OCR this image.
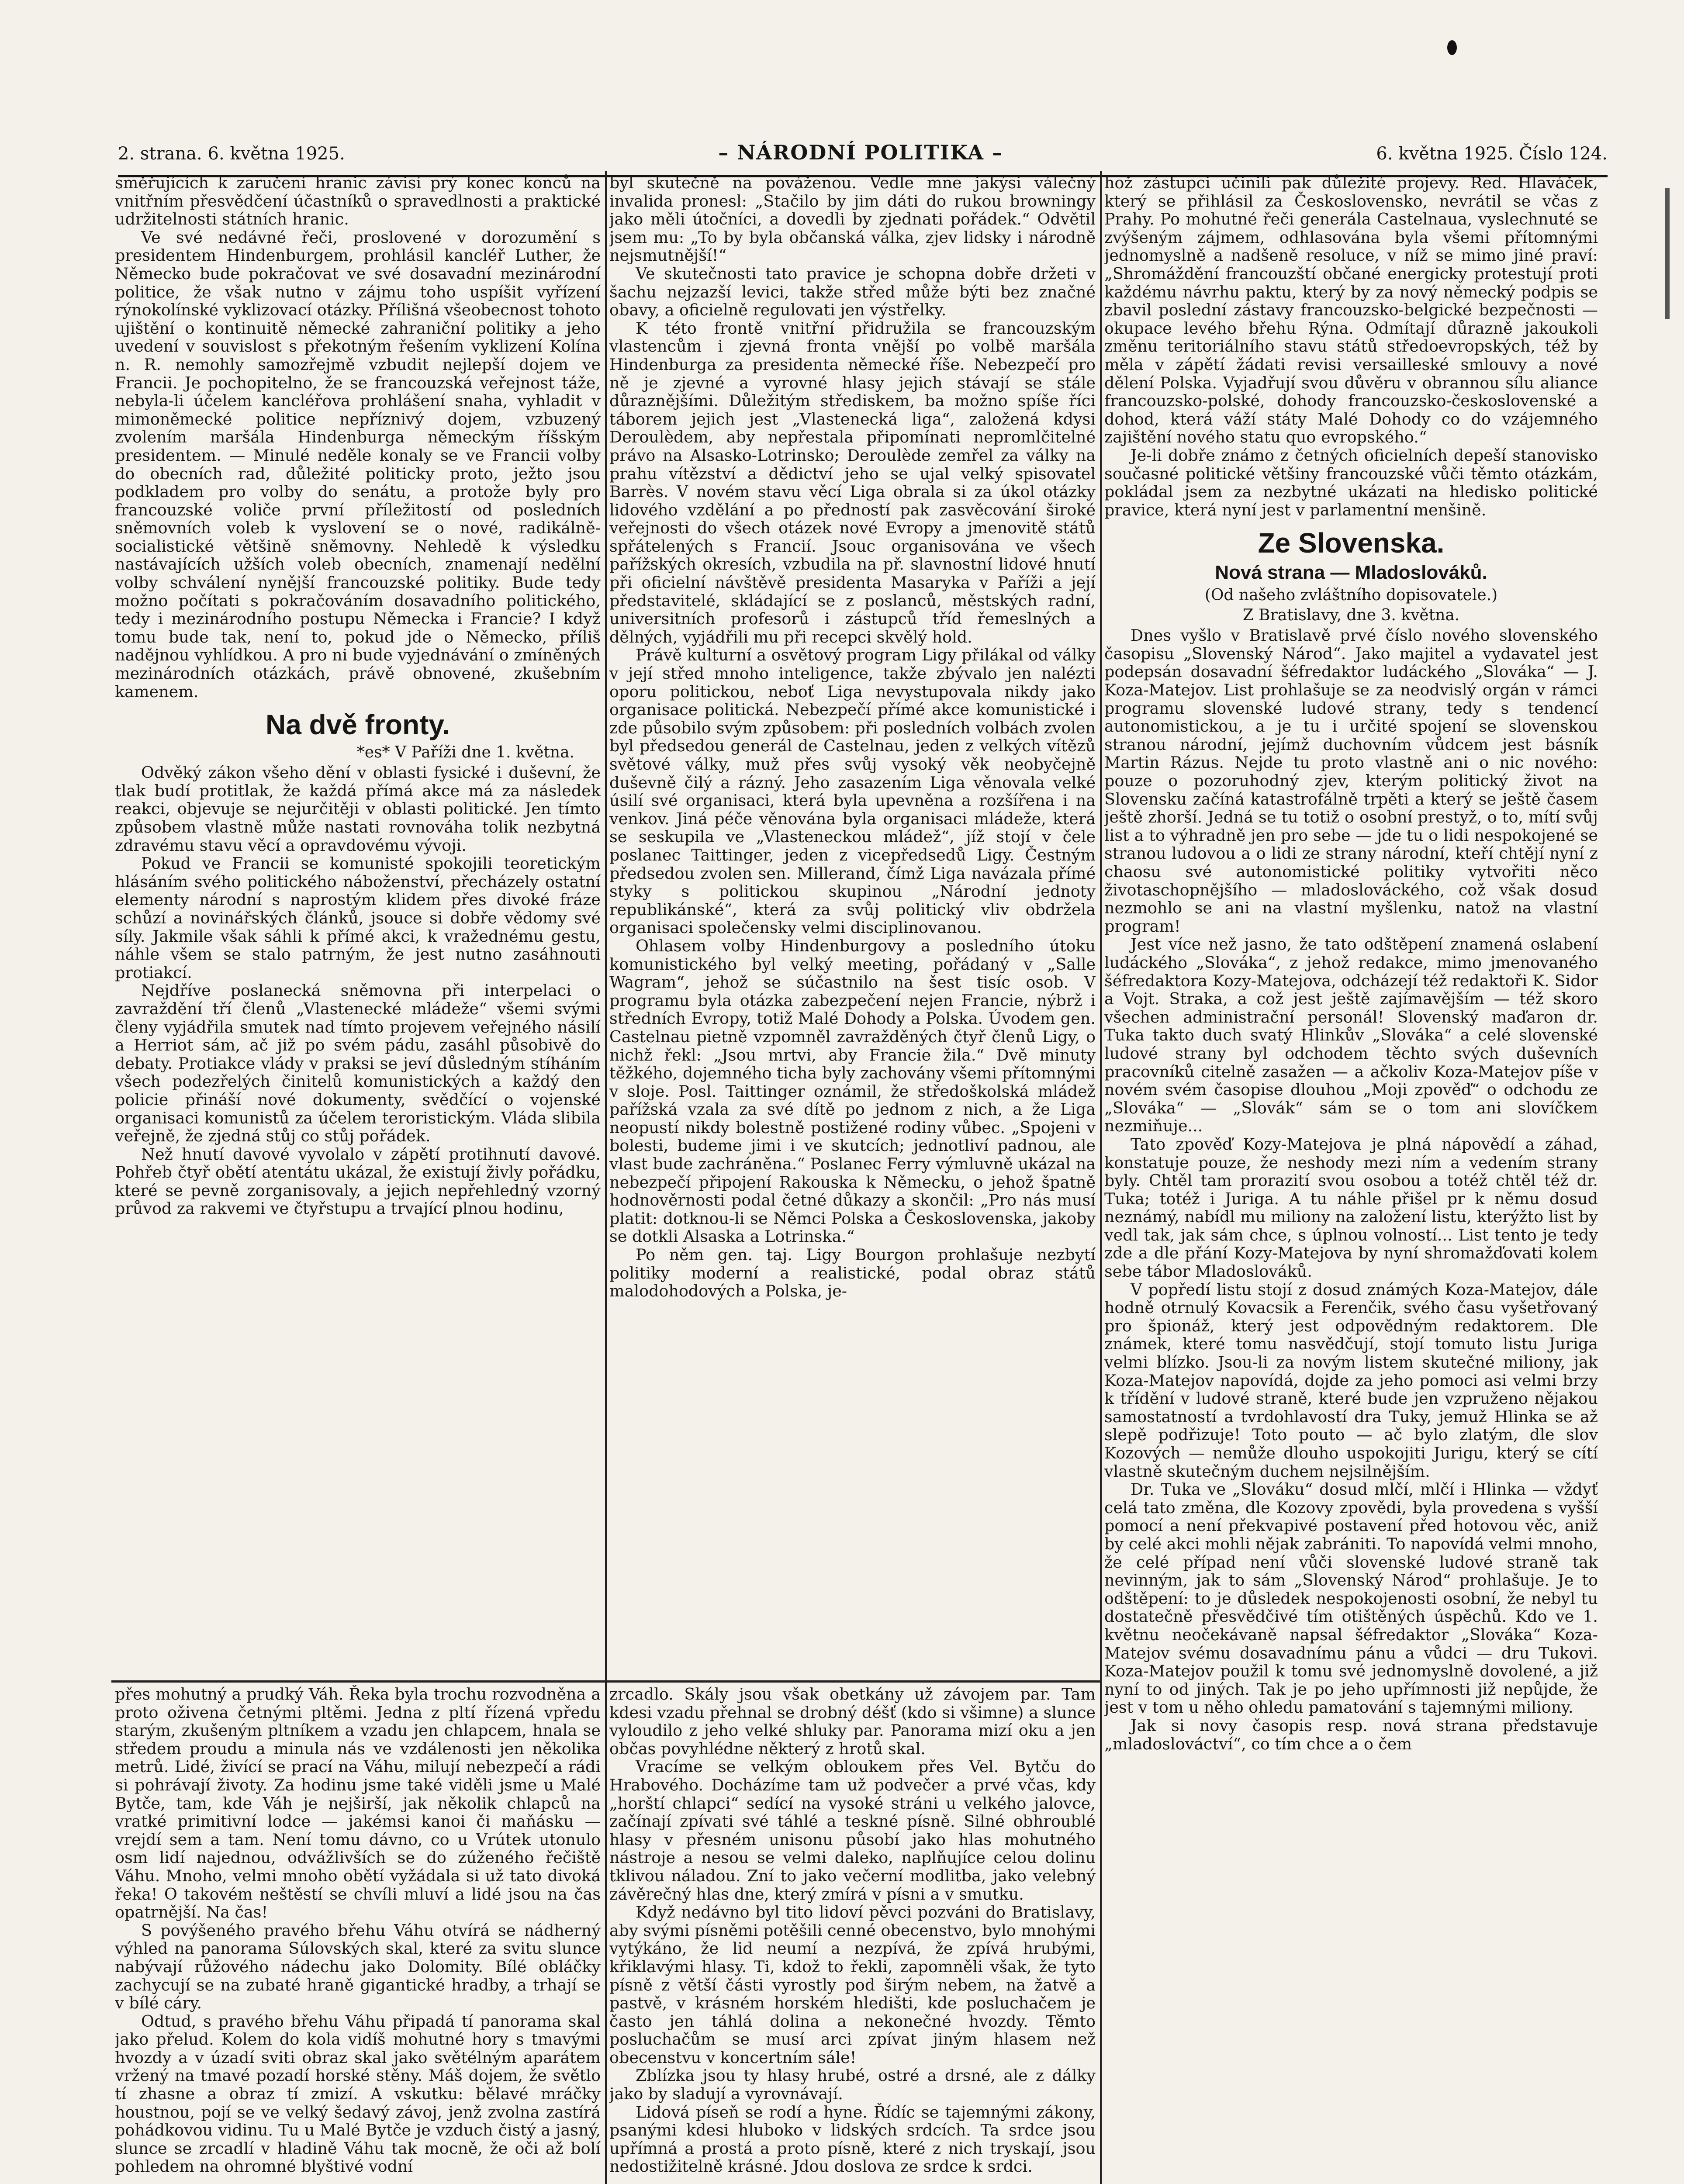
2. strana. 6. května 1925.	– NÁRODNÍ POLITIKA –	6. května 1925. Číslo 124.

směřujících k zaručení hranic závisí prý konec konců na vnitřním přesvědčení účastníků o spravedlnosti a praktické udržitelnosti státních hranic.

Ve své nedávné řeči, proslovené v dorozumění s presidentem Hindenburgem, prohlásil kancléř Luther, že Německo bude pokračovat ve své dosavadní mezinárodní politice, že však nutno v zájmu toho uspíšit vyřízení rýnokolínské vyklizovací otázky. Přílišná všeobecnost tohoto ujištění o kontinuitě německé zahraniční politiky a jeho uvedení v souvislost s překotným řešením vyklizení Kolína n. R. nemohly samozřejmě vzbudit nejlepší dojem ve Francii. Je pochopitelno, že se francouzská veřejnost táže, nebyla-li účelem kancléřova prohlášení snaha, vyhladit v mimoněmecké politice nepříznivý dojem, vzbuzený zvolením maršála Hindenburga německým říšským presidentem. — Minulé neděle konaly se ve Francii volby do obecních rad, důležité politicky proto, ježto jsou podkladem pro volby do senátu, a protože byly pro francouzské voliče první příležitostí od posledních sněmovních voleb k vyslovení se o nové, radikálně-socialistické většině sněmovny. Nehledě k výsledku nastávajících užších voleb obecních, znamenají nedělní volby schválení nynější francouzské politiky. Bude tedy možno počítati s pokračováním dosavadního politického, tedy i mezinárodního postupu Německa i Francie? I když tomu bude tak, není to, pokud jde o Německo, příliš nadějnou vyhlídkou. A pro ni bude vyjednávání o zmíněných mezinárodních otázkách, právě obnovené, zkušebním kamenem.

Na dvě fronty.
*es* V Paříži dne 1. května.

Odvěký zákon všeho dění v oblasti fysické i duševní, že tlak budí protitlak, že každá přímá akce má za následek reakci, objevuje se nejurčitěji v oblasti politické. Jen tímto způsobem vlastně může nastati rovnováha tolik nezbytná zdravému stavu věcí a opravdovému vývoji.

Pokud ve Francii se komunisté spokojili teoretickým hlásáním svého politického náboženství, přecházely ostatní elementy národní s naprostým klidem přes divoké fráze schůzí a novinářských článků, jsouce si dobře vědomy své síly. Jakmile však sáhli k přímé akci, k vražednému gestu, náhle všem se stalo patrným, že jest nutno zasáhnouti protiakcí.

Nejdříve poslanecká sněmovna při interpelaci o zavraždění tří členů „Vlastenecké mládeže“ všemi svými členy vyjádřila smutek nad tímto projevem veřejného násilí a Herriot sám, ač již po svém pádu, zasáhl působivě do debaty. Protiakce vlády v praksi se jeví důsledným stíháním všech podezřelých činitelů komunistických a každý den policie přináší nové dokumenty, svědčící o vojenské organisaci komunistů za účelem teroristickým. Vláda slibila veřejně, že zjedná stůj co stůj pořádek.

Než hnutí davové vyvolalo v zápětí protihnutí davové. Pohřeb čtyř obětí atentátu ukázal, že existují živly pořádku, které se pevně zorganisovaly, a jejich nepřehledný vzorný průvod za rakvemi ve čtyřstupu a trvající plnou hodinu,

byl skutečně na pováženou. Vedle mne jakýsi válečný invalida pronesl: „Stačilo by jim dáti do rukou browningy jako měli útočníci, a dovedli by zjednati pořádek.“ Odvětil jsem mu: „To by byla občanská válka, zjev lidsky i národně nejsmutnější!“

Ve skutečnosti tato pravice je schopna dobře držeti v šachu nejzazší levici, takže střed může býti bez značné obavy, a oficielně regulovati jen výstřelky.

K této frontě vnitřní přidružila se francouzským vlastencům i zjevná fronta vnější po volbě maršála Hindenburga za presidenta německé říše. Nebezpečí pro ně je zjevné a vyrovné hlasy jejich stávají se stále důraznějšími. Důležitým střediskem, ba možno spíše říci táborem jejich jest „Vlastenecká liga“, založená kdysi Deroulèdem, aby nepřestala připomínati nepromlčitelné právo na Alsasko-Lotrinsko; Deroulède zemřel za války na prahu vítězství a dědictví jeho se ujal velký spisovatel Barrès. V novém stavu věcí Liga obrala si za úkol otázky lidového vzdělání a po předností pak zasvěcování široké veřejnosti do všech otázek nové Evropy a jmenovitě států spřátelených s Francií. Jsouc organisována ve všech pařížských okresích, vzbudila na př. slavnostní lidové hnutí při oficielní návštěvě presidenta Masaryka v Paříži a její představitelé, skládající se z poslanců, městských radní, universitních profesorů i zástupců tříd řemeslných a dělných, vyjádřili mu při recepci skvělý hold.

Právě kulturní a osvětový program Ligy přilákal od války v její střed mnoho inteligence, takže zbývalo jen nalézti oporu politickou, neboť Liga nevystupovala nikdy jako organisace politická. Nebezpečí přímé akce komunistické i zde působilo svým způsobem: při posledních volbách zvolen byl předsedou generál de Castelnau, jeden z velkých vítězů světové války, muž přes svůj vysoký věk neobyčejně duševně čilý a rázný. Jeho zasazením Liga věnovala velké úsilí své organisaci, která byla upevněna a rozšířena i na venkov. Jiná péče věnována byla organisaci mládeže, která se seskupila ve „Vlasteneckou mládež“, jíž stojí v čele poslanec Taittinger, jeden z vicepředsedů Ligy. Čestným předsedou zvolen sen. Millerand, čímž Liga navázala přímé styky s politickou skupinou „Národní jednoty republikánské“, která za svůj politický vliv obdržela organisaci společensky velmi disciplinovanou.

Ohlasem volby Hindenburgovy a posledního útoku komunistického byl velký meeting, pořádaný v „Salle Wagram“, jehož se súčastnilo na šest tisíc osob. V programu byla otázka zabezpečení nejen Francie, nýbrž i středních Evropy, totiž Malé Dohody a Polska. Úvodem gen. Castelnau pietně vzpomněl zavražděných čtyř členů Ligy, o nichž řekl: „Jsou mrtvi, aby Francie žila.“ Dvě minuty těžkého, dojemného ticha byly zachovány všemi přítomnými v sloje. Posl. Taittinger oznámil, že středoškolská mládež pařížská vzala za své dítě po jednom z nich, a že Liga neopustí nikdy bolestně postižené rodiny vůbec. „Spojeni v bolesti, budeme jimi i ve skutcích; jednotliví padnou, ale vlast bude zachráněna.“ Poslanec Ferry výmluvně ukázal na nebezpečí připojení Rakouska k Německu, o jehož špatně hodnověrnosti podal četné důkazy a skončil: „Pro nás musí platit: dotknou-li se Němci Polska a Československa, jakoby se dotkli Alsaska a Lotrinska.“

Po něm gen. taj. Ligy Bourgon prohlašuje nezbytí politiky moderní a realistické, podal obraz států malodohodových a Polska, je-

hož zástupci učinili pak důležité projevy. Red. Hlaváček, který se přihlásil za Československo, nevrátil se včas z Prahy. Po mohutné řeči generála Castelnaua, vyslechnuté se zvýšeným zájmem, odhlasována byla všemi přítomnými jednomyslně a nadšeně resoluce, v níž se mimo jiné praví: „Shromáždění francouzští občané energicky protestují proti každému návrhu paktu, který by za nový německý podpis se zbavil poslední zástavy francouzsko-belgické bezpečnosti — okupace levého břehu Rýna. Odmítají důrazně jakoukoli změnu teritoriálního stavu států středoevropských, též by měla v zápětí žádati revisi versailleské smlouvy a nové dělení Polska. Vyjadřují svou důvěru v obrannou sílu aliance francouzsko-polské, dohody francouzsko-československé a dohod, která váží státy Malé Dohody co do vzájemného zajištění nového statu quo evropského.“

Je-li dobře známo z četných oficielních depeší stanovisko současné politické většiny francouzské vůči těmto otázkám, pokládal jsem za nezbytné ukázati na hledisko politické pravice, která nyní jest v parlamentní menšině.

Ze Slovenska.
Nová strana — Mladoslováků.
(Od našeho zvláštního dopisovatele.)
Z Bratislavy, dne 3. května.

Dnes vyšlo v Bratislavě prvé číslo nového slovenského časopisu „Slovenský Národ“. Jako majitel a vydavatel jest podepsán dosavadní šéfredaktor ludáckého „Slováka“ — J. Koza-Matejov. List prohlašuje se za neodvislý orgán v rámci programu slovenské ludové strany, tedy s tendencí autonomistickou, a je tu i určité spojení se slovenskou stranou národní, jejímž duchovním vůdcem jest básník Martin Rázus. Nejde tu proto vlastně ani o nic nového: pouze o pozoruhodný zjev, kterým politický život na Slovensku začíná katastrofálně trpěti a který se ještě časem ještě zhorší. Jedná se tu totiž o osobní prestyž, o to, mítí svůj list a to výhradně jen pro sebe — jde tu o lidi nespokojené se stranou ludovou a o lidi ze strany národní, kteří chtějí nyní z chaosu své autonomistické politiky vytvořiti něco životaschopnějšího — mladoslováckého, což však dosud nezmohlo se ani na vlastní myšlenku, natož na vlastní program!

Jest více než jasno, že tato odštěpení znamená oslabení ludáckého „Slováka“, z jehož redakce, mimo jmenovaného šéfredaktora Kozy-Matejova, odcházejí též redaktoři K. Sidor a Vojt. Straka, a což jest ještě zajímavějším — též skoro všechen administrační personál! Slovenský maďaron dr. Tuka takto duch svatý Hlinkův „Slováka“ a celé slovenské ludové strany byl odchodem těchto svých duševních pracovníků citelně zasažen — a ačkoliv Koza-Matejov píše v novém svém časopise dlouhou „Moji zpověď“ o odchodu ze „Slováka“ — „Slovák“ sám se o tom ani slovíčkem nezmiňuje...

Tato zpověď Kozy-Matejova je plná nápovědí a záhad, konstatuje pouze, že neshody mezi ním a vedením strany byly. Chtěl tam prorazití svou osobou a totéž chtěl též dr. Tuka; totéž i Juriga. A tu náhle přišel pr k němu dosud neznámý, nabídl mu miliony na založení listu, kterýžto list by vedl tak, jak sám chce, s úplnou volností... List tento je tedy zde a dle přání Kozy-Matejova by nyní shromažďovati kolem sebe tábor Mladoslováků.

V popředí listu stojí z dosud známých Koza-Matejov, dále hodně otrnulý Kovacsik a Ferenčik, svého času vyšetřovaný pro špionáž, který jest odpovědným redaktorem. Dle známek, které tomu nasvědčují, stojí tomuto listu Juriga velmi blízko. Jsou-li za novým listem skutečné miliony, jak Koza-Matejov napovídá, dojde za jeho pomoci asi velmi brzy k třídění v ludové straně, které bude jen vzpruženo nějakou samostatností a tvrdohlavostí dra Tuky, jemuž Hlinka se až slepě podřizuje! Toto pouto — ač bylo zlatým, dle slov Kozových — nemůže dlouho uspokojiti Jurigu, který se cítí vlastně skutečným duchem nejsilnějším.

Dr. Tuka ve „Slováku“ dosud mlčí, mlčí i Hlinka — vždyť celá tato změna, dle Kozovy zpovědi, byla provedena s vyšší pomocí a není překvapivé postavení před hotovou věc, aniž by celé akci mohli nějak zabrániti. To napovídá velmi mnoho, že celé případ není vůči slovenské ludové straně tak nevinným, jak to sám „Slovenský Národ“ prohlašuje. Je to odštěpení: to je důsledek nespokojenosti osobní, že nebyl tu dostatečně přesvědčivé tím otištěných úspěchů. Kdo ve 1. květnu neočekávaně napsal šéfredaktor „Slováka“ Koza-Matejov svému dosavadnímu pánu a vůdci — dru Tukovi. Koza-Matejov použil k tomu své jednomyslně dovolené, a již nyní to od jiných. Tak je po jeho upřímnosti již nepůjde, že jest v tom u něho ohledu pamatování s tajemnými miliony.

Jak si novy časopis resp. nová strana představuje „mladoslováctví“, co tím chce a o čem

přes mohutný a prudký Váh. Řeka byla trochu rozvodněna a proto oživena četnými pltěmi. Jedna z pltí řízená vpředu starým, zkušeným pltníkem a vzadu jen chlapcem, hnala se středem proudu a minula nás ve vzdálenosti jen několika metrů. Lidé, živící se prací na Váhu, milují nebezpečí a rádi si pohrávají životy. Za hodinu jsme také viděli jsme u Malé Bytče, tam, kde Váh je nejširší, jak několik chlapců na vratké primitivní lodce — jakémsi kanoi či maňásku — vrejdí sem a tam. Není tomu dávno, co u Vrútek utonulo osm lidí najednou, odvážlivších se do zúženého řečiště Váhu. Mnoho, velmi mnoho obětí vyžádala si už tato divoká řeka! O takovém neštěstí se chvíli mluví a lidé jsou na čas opatrnější. Na čas!

S povýšeného pravého břehu Váhu otvírá se nádherný výhled na panorama Súlovských skal, které za svitu slunce nabývají růžového nádechu jako Dolomity. Bílé obláčky zachycují se na zubaté hraně gigantické hradby, a trhají se v bílé cáry.

Odtud, s pravého břehu Váhu připadá tí panorama skal jako přelud. Kolem do kola vidíš mohutné hory s tmavými hvozdy a v úzadí sviti obraz skal jako světélným aparátem vržený na tmavé pozadí horské stěny. Máš dojem, že světlo tí zhasne a obraz tí zmizí. A vskutku: bělavé mráčky houstnou, pojí se ve velký šedavý závoj, jenž zvolna zastírá pohádkovou vidinu. Tu u Malé Bytče je vzduch čistý a jasný, slunce se zrcadlí v hladině Váhu tak mocně, že oči až bolí pohledem na ohromné blyštivé vodní

zrcadlo. Skály jsou však obetkány už závojem par. Tam kdesi vzadu přehnal se drobný déšť (kdo si všimne) a slunce vyloudilo z jeho velké shluky par. Panorama mizí oku a jen občas povyhlédne některý z hrotů skal.

Vracíme se velkým obloukem přes Vel. Bytču do Hrabového. Docházíme tam už podvečer a prvé včas, kdy „horští chlapci“ sedící na vysoké stráni u velkého jalovce, začínají zpívati své táhlé a teskné písně. Silné obhroublé hlasy v přesném unisonu působí jako hlas mohutného nástroje a nesou se velmi daleko, naplňujíce celou dolinu tklivou náladou. Zní to jako večerní modlitba, jako velebný závěrečný hlas dne, který zmírá v písni a v smutku.

Když nedávno byl tito lidoví pěvci pozváni do Bratislavy, aby svými písněmi potěšili cenné obecenstvo, bylo mnohými vytýkáno, že lid neumí a nezpívá, že zpívá hrubými, křiklavými hlasy. Ti, kdož to řekli, zapomněli však, že tyto písně z větší části vyrostly pod širým nebem, na žatvě a pastvě, v krásném horském hledišti, kde posluchačem je často jen táhlá dolina a nekonečné hvozdy. Těmto posluchačům se musí arci zpívat jiným hlasem než obecenstvu v koncertním sále!

Zblízka jsou ty hlasy hrubé, ostré a drsné, ale z dálky jako by sladují a vyrovnávají.

Lidová píseň se rodí a hyne. Řídíc se tajemnými zákony, psanými kdesi hluboko v lidských srdcích. Ta srdce jsou upřímná a prostá a proto písně, které z nich tryskají, jsou nedostižitelně krásné. Jdou doslova ze srdce k srdci.
